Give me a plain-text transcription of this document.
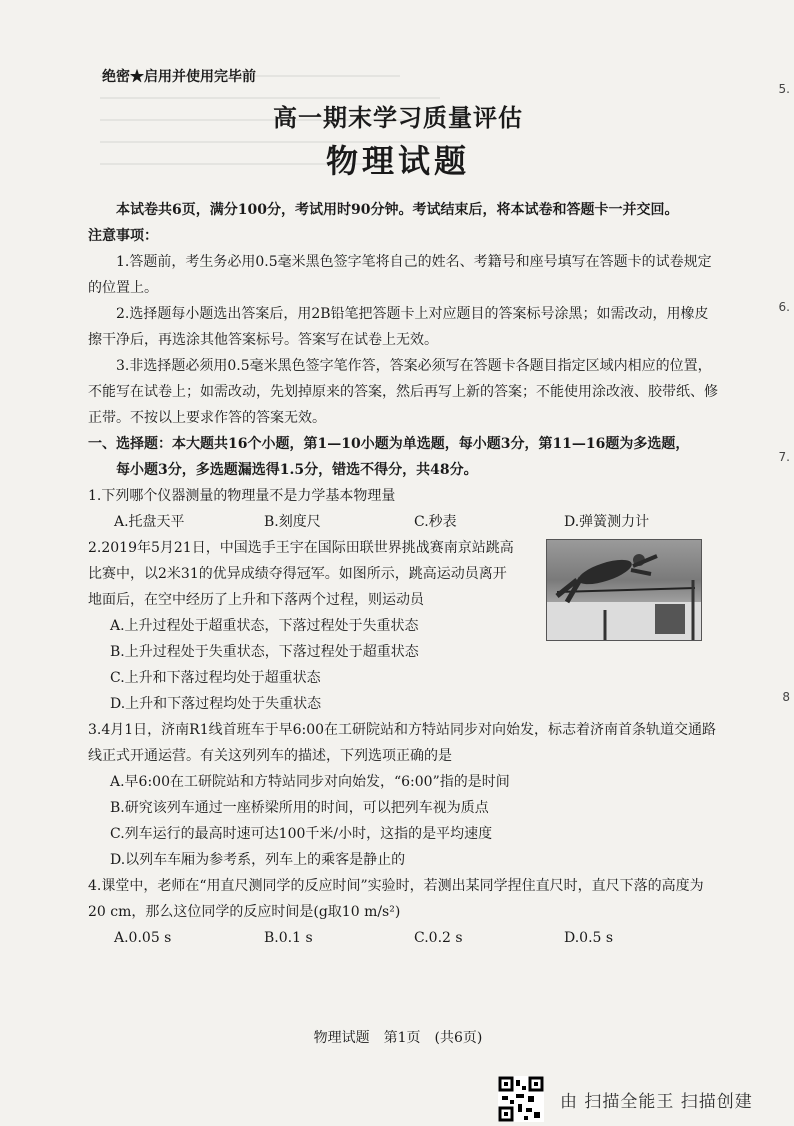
5.
6.
7.
8
绝密★启用并使用完毕前
高一期末学习质量评估
物理试题
本试卷共6页，满分100分，考试用时90分钟。考试结束后，将本试卷和答题卡一并交回。
注意事项：
1.答题前，考生务必用0.5毫米黑色签字笔将自己的姓名、考籍号和座号填写在答题卡的试卷规定的位置上。
2.选择题每小题选出答案后，用2B铅笔把答题卡上对应题目的答案标号涂黑；如需改动，用橡皮擦干净后，再选涂其他答案标号。答案写在试卷上无效。
3.非选择题必须用0.5毫米黑色签字笔作答，答案必须写在答题卡各题目指定区域内相应的位置，不能写在试卷上；如需改动，先划掉原来的答案，然后再写上新的答案；不能使用涂改液、胶带纸、修正带。不按以上要求作答的答案无效。
一、选择题：本大题共16个小题，第1—10小题为单选题，每小题3分，第11—16题为多选题，
每小题3分，多选题漏选得1.5分，错选不得分，共48分。
1.下列哪个仪器测量的物理量不是力学基本物理量
A.托盘天平	B.刻度尺	C.秒表	D.弹簧测力计
2.2019年5月21日，中国选手王宇在国际田联世界挑战赛南京站跳高比赛中，以2米31的优异成绩夺得冠军。如图所示，跳高运动员离开地面后，在空中经历了上升和下落两个过程，则运动员
A.上升过程处于超重状态，下落过程处于失重状态
B.上升过程处于失重状态，下落过程处于超重状态
C.上升和下落过程均处于超重状态
D.上升和下落过程均处于失重状态
3.4月1日，济南R1线首班车于早6:00在工研院站和方特站同步对向始发，标志着济南首条轨道交通路线正式开通运营。有关这列列车的描述，下列选项正确的是
A.早6:00在工研院站和方特站同步对向始发，“6:00”指的是时间
B.研究该列车通过一座桥梁所用的时间，可以把列车视为质点
C.列车运行的最高时速可达100千米/小时，这指的是平均速度
D.以列车车厢为参考系，列车上的乘客是静止的
4.课堂中，老师在“用直尺测同学的反应时间”实验时，若测出某同学捏住直尺时，直尺下落的高度为20 cm，那么这位同学的反应时间是(g取10 m/s²)
A.0.05 s	B.0.1 s	C.0.2 s	D.0.5 s
物理试题　第1页　(共6页)
由 扫描全能王 扫描创建
